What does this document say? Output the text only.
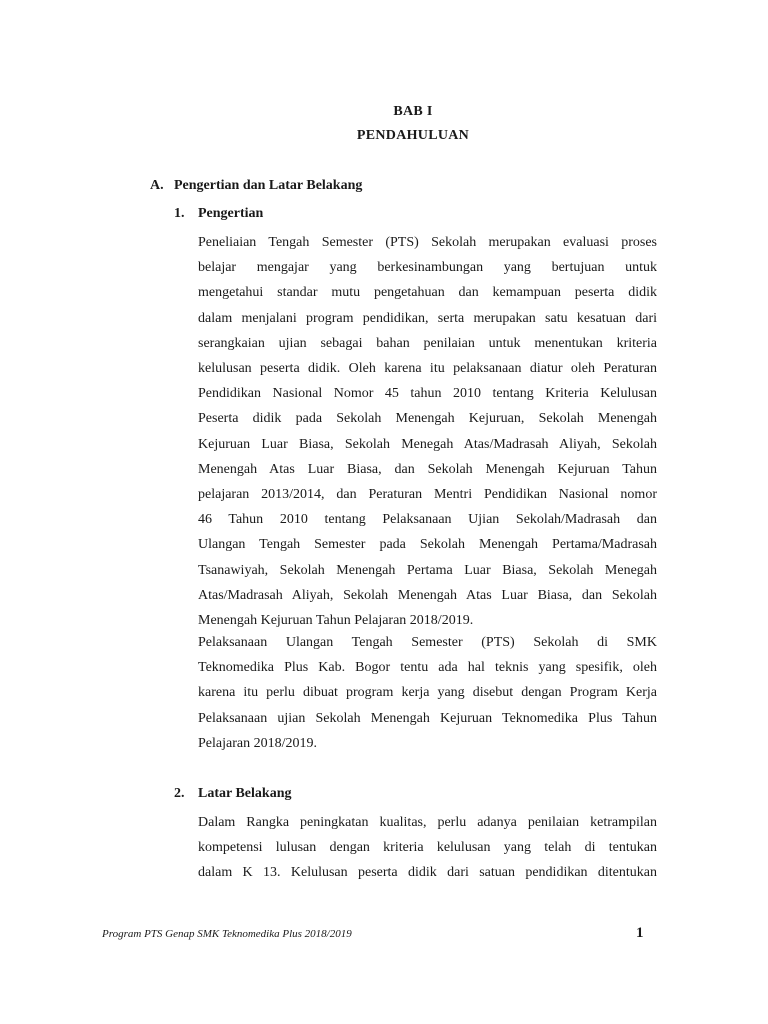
BAB I
PENDAHULUAN
A. Pengertian dan Latar Belakang
1. Pengertian
Peneliaian Tengah Semester (PTS) Sekolah merupakan evaluasi proses
belajar mengajar yang berkesinambungan yang bertujuan untuk
mengetahui standar mutu pengetahuan dan kemampuan peserta didik
dalam menjalani program pendidikan, serta merupakan satu kesatuan dari
serangkaian ujian sebagai bahan penilaian untuk menentukan kriteria
kelulusan peserta didik. Oleh karena itu pelaksanaan diatur oleh Peraturan
Pendidikan Nasional Nomor 45 tahun 2010 tentang Kriteria Kelulusan
Peserta didik pada Sekolah Menengah Kejuruan, Sekolah Menengah
Kejuruan Luar Biasa, Sekolah Menegah Atas/Madrasah Aliyah, Sekolah
Menengah Atas Luar Biasa, dan Sekolah Menengah Kejuruan Tahun
pelajaran 2013/2014, dan Peraturan Mentri Pendidikan Nasional nomor
46 Tahun 2010 tentang Pelaksanaan Ujian Sekolah/Madrasah dan
Ulangan Tengah Semester pada Sekolah Menengah Pertama/Madrasah
Tsanawiyah, Sekolah Menengah Pertama Luar Biasa, Sekolah Menegah
Atas/Madrasah Aliyah, Sekolah Menengah Atas Luar Biasa, dan Sekolah
Menengah Kejuruan Tahun Pelajaran 2018/2019.
Pelaksanaan Ulangan Tengah Semester (PTS) Sekolah di SMK
Teknomedika Plus Kab. Bogor tentu ada hal teknis yang spesifik, oleh
karena itu perlu dibuat program kerja yang disebut dengan Program Kerja
Pelaksanaan ujian Sekolah Menengah Kejuruan Teknomedika Plus Tahun
Pelajaran 2018/2019.
2. Latar Belakang
Dalam Rangka peningkatan kualitas, perlu adanya penilaian ketrampilan
kompetensi lulusan dengan kriteria kelulusan yang telah di tentukan
dalam K 13. Kelulusan peserta didik dari satuan pendidikan ditentukan
Program PTS Genap SMK Teknomedika Plus 2018/2019	1
